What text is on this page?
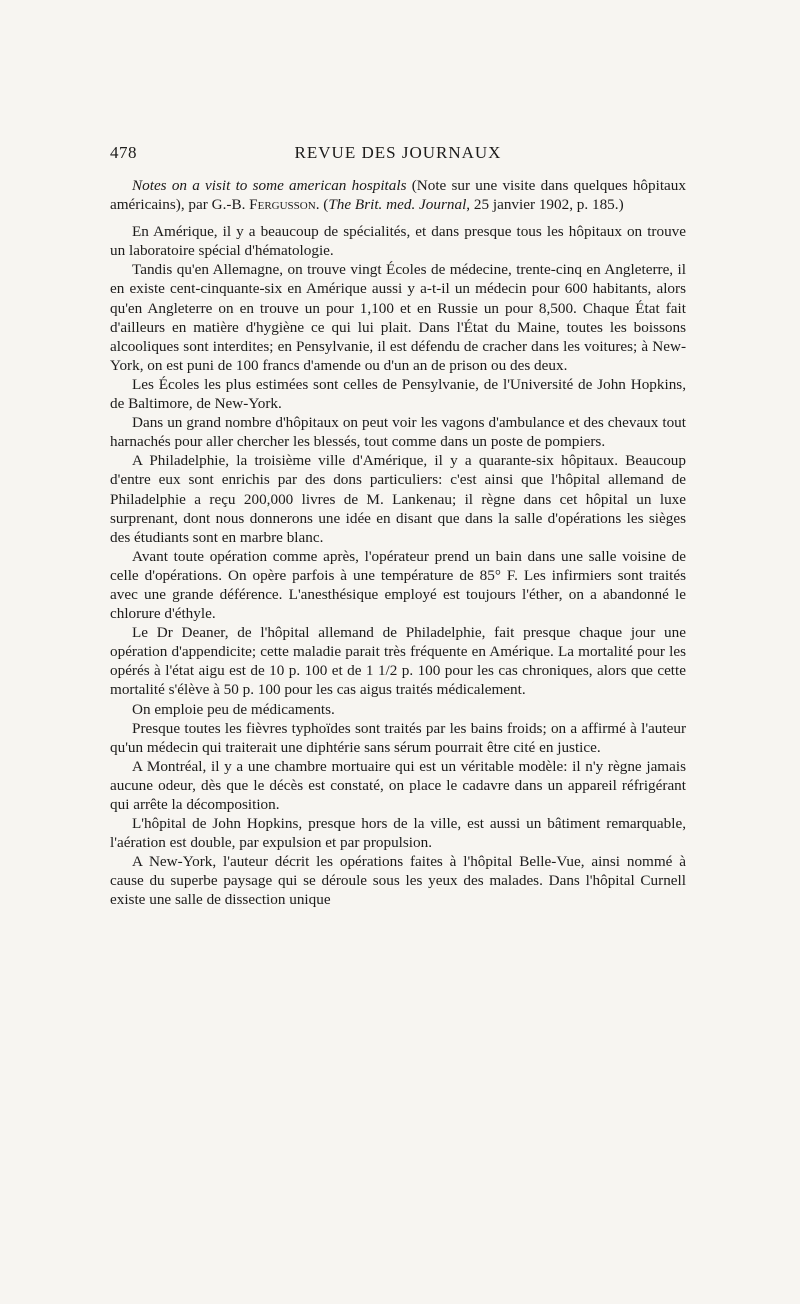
478	REVUE DES JOURNAUX

Notes on a visit to some american hospitals (Note sur une visite dans quelques hôpitaux américains), par G.-B. Fergusson. (The Brit. med. Journal, 25 janvier 1902, p. 185.)

En Amérique, il y a beaucoup de spécialités, et dans presque tous les hôpitaux on trouve un laboratoire spécial d'hématologie.

Tandis qu'en Allemagne, on trouve vingt Écoles de médecine, trente-cinq en Angleterre, il en existe cent-cinquante-six en Amérique aussi y a-t-il un médecin pour 600 habitants, alors qu'en Angleterre on en trouve un pour 1,100 et en Russie un pour 8,500. Chaque État fait d'ailleurs en matière d'hygiène ce qui lui plait. Dans l'État du Maine, toutes les boissons alcooliques sont interdites; en Pensylvanie, il est défendu de cracher dans les voitures; à New-York, on est puni de 100 francs d'amende ou d'un an de prison ou des deux.

Les Écoles les plus estimées sont celles de Pensylvanie, de l'Université de John Hopkins, de Baltimore, de New-York.

Dans un grand nombre d'hôpitaux on peut voir les vagons d'ambulance et des chevaux tout harnachés pour aller chercher les blessés, tout comme dans un poste de pompiers.

A Philadelphie, la troisième ville d'Amérique, il y a quarante-six hôpitaux. Beaucoup d'entre eux sont enrichis par des dons particuliers: c'est ainsi que l'hôpital allemand de Philadelphie a reçu 200,000 livres de M. Lankenau; il règne dans cet hôpital un luxe surprenant, dont nous donnerons une idée en disant que dans la salle d'opérations les sièges des étudiants sont en marbre blanc.

Avant toute opération comme après, l'opérateur prend un bain dans une salle voisine de celle d'opérations. On opère parfois à une température de 85° F. Les infirmiers sont traités avec une grande déférence. L'anesthésique employé est toujours l'éther, on a abandonné le chlorure d'éthyle.

Le Dr Deaner, de l'hôpital allemand de Philadelphie, fait presque chaque jour une opération d'appendicite; cette maladie parait très fréquente en Amérique. La mortalité pour les opérés à l'état aigu est de 10 p. 100 et de 1 1/2 p. 100 pour les cas chroniques, alors que cette mortalité s'élève à 50 p. 100 pour les cas aigus traités médicalement.

On emploie peu de médicaments.

Presque toutes les fièvres typhoïdes sont traités par les bains froids; on a affirmé à l'auteur qu'un médecin qui traiterait une diphtérie sans sérum pourrait être cité en justice.

A Montréal, il y a une chambre mortuaire qui est un véritable modèle: il n'y règne jamais aucune odeur, dès que le décès est constaté, on place le cadavre dans un appareil réfrigérant qui arrête la décomposition.

L'hôpital de John Hopkins, presque hors de la ville, est aussi un bâtiment remarquable, l'aération est double, par expulsion et par propulsion.

A New-York, l'auteur décrit les opérations faites à l'hôpital Belle-Vue, ainsi nommé à cause du superbe paysage qui se déroule sous les yeux des malades. Dans l'hôpital Curnell existe une salle de dissection unique
